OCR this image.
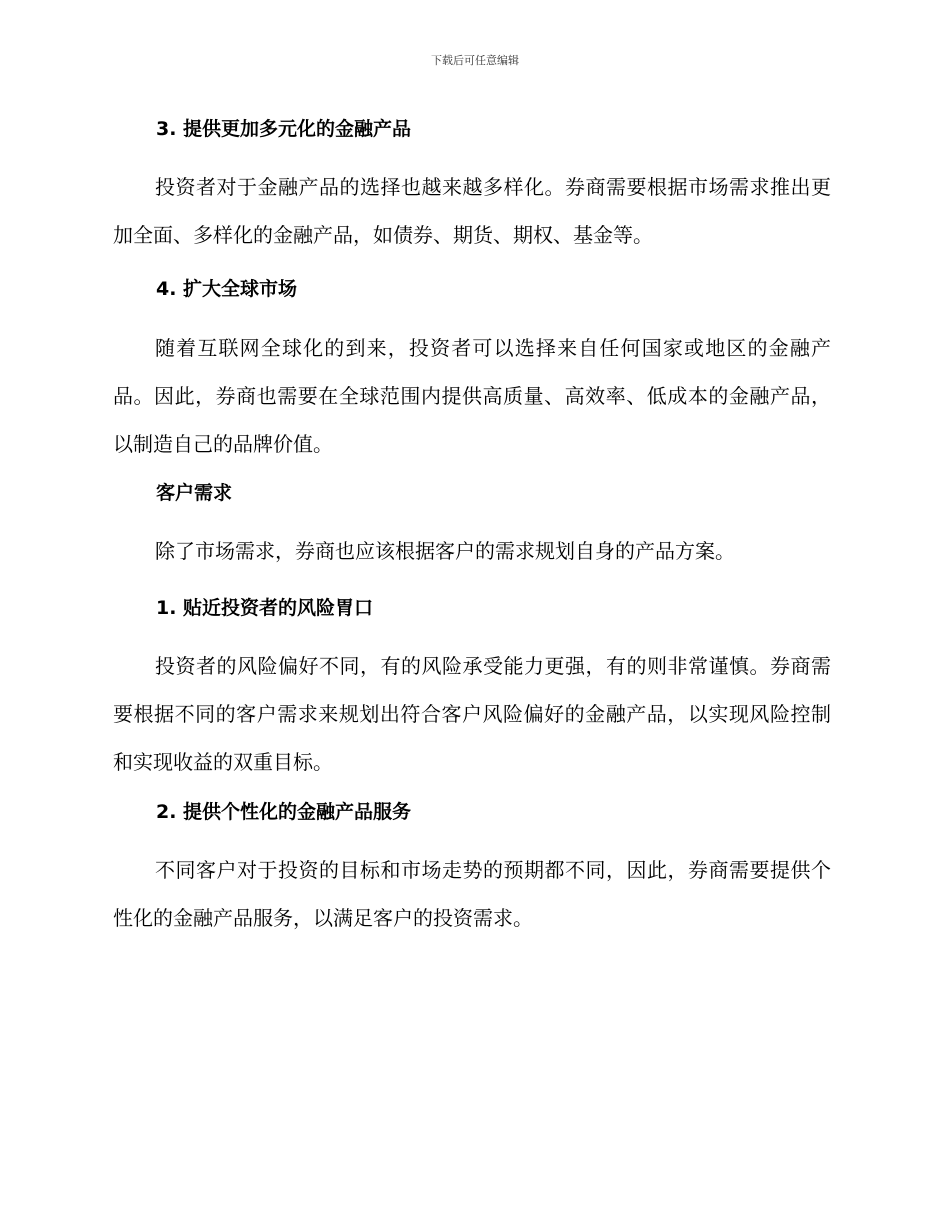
下载后可任意编辑
3. 提供更加多元化的金融产品
投资者对于金融产品的选择也越来越多样化。券商需要根据市场需求推出更加全面、多样化的金融产品，如债券、期货、期权、基金等。
4. 扩大全球市场
随着互联网全球化的到来，投资者可以选择来自任何国家或地区的金融产品。因此，券商也需要在全球范围内提供高质量、高效率、低成本的金融产品，以制造自己的品牌价值。
客户需求
除了市场需求，券商也应该根据客户的需求规划自身的产品方案。
1. 贴近投资者的风险胃口
投资者的风险偏好不同，有的风险承受能力更强，有的则非常谨慎。券商需要根据不同的客户需求来规划出符合客户风险偏好的金融产品，以实现风险控制和实现收益的双重目标。
2. 提供个性化的金融产品服务
不同客户对于投资的目标和市场走势的预期都不同，因此，券商需要提供个性化的金融产品服务，以满足客户的投资需求。
